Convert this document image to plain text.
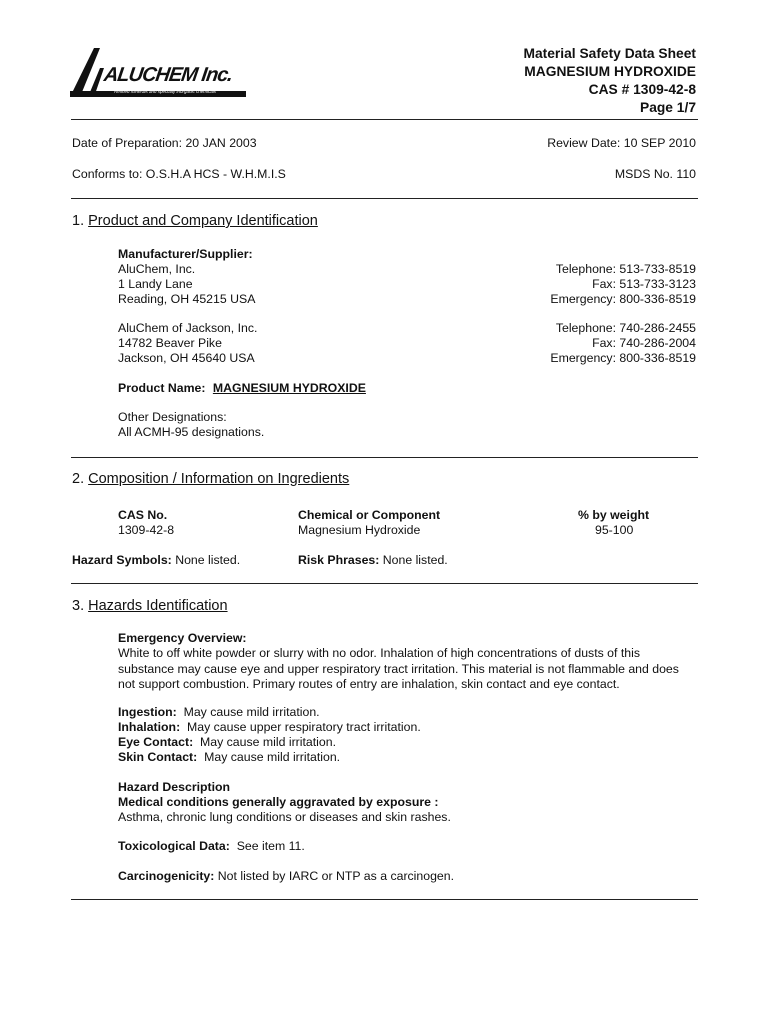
ALUCHEM Inc.
Refined minerals and specialty inorganic chemicals
Material Safety Data Sheet
MAGNESIUM HYDROXIDE
CAS # 1309-42-8
Page 1/7
Date of Preparation: 20 JAN 2003	Review Date: 10 SEP 2010
Conforms to: O.S.H.A HCS - W.H.M.I.S	MSDS No. 110
1. Product and Company Identification
Manufacturer/Supplier:
AluChem, Inc.
1 Landy Lane
Reading, OH 45215 USA
Telephone: 513-733-8519
Fax: 513-733-3123
Emergency: 800-336-8519
AluChem of Jackson, Inc.
14782 Beaver Pike
Jackson, OH 45640 USA
Telephone: 740-286-2455
Fax: 740-286-2004
Emergency: 800-336-8519
Product Name: MAGNESIUM HYDROXIDE
Other Designations:
All ACMH-95 designations.
2. Composition / Information on Ingredients
CAS No.	Chemical or Component	% by weight
1309-42-8	Magnesium Hydroxide	95-100
Hazard Symbols: None listed.	Risk Phrases: None listed.
3. Hazards Identification
Emergency Overview:
White to off white powder or slurry with no odor. Inhalation of high concentrations of dusts of this
substance may cause eye and upper respiratory tract irritation. This material is not flammable and does
not support combustion. Primary routes of entry are inhalation, skin contact and eye contact.
Ingestion: May cause mild irritation.
Inhalation: May cause upper respiratory tract irritation.
Eye Contact: May cause mild irritation.
Skin Contact: May cause mild irritation.
Hazard Description
Medical conditions generally aggravated by exposure :
Asthma, chronic lung conditions or diseases and skin rashes.
Toxicological Data: See item 11.
Carcinogenicity: Not listed by IARC or NTP as a carcinogen.
